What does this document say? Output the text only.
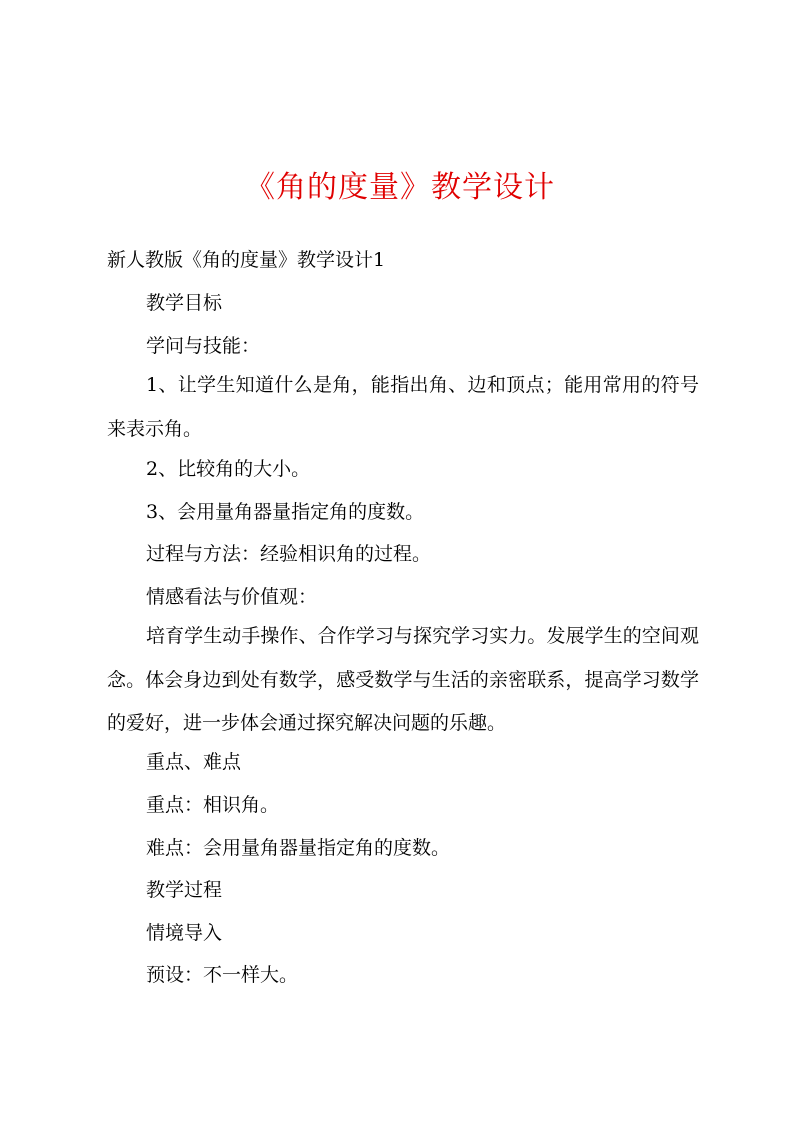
《角的度量》教学设计
新人教版《角的度量》教学设计1
教学目标
学问与技能：
1、让学生知道什么是角，能指出角、边和顶点；能用常用的符号来表示角。
2、比较角的大小。
3、会用量角器量指定角的度数。
过程与方法：经验相识角的过程。
情感看法与价值观：
培育学生动手操作、合作学习与探究学习实力。发展学生的空间观念。体会身边到处有数学，感受数学与生活的亲密联系，提高学习数学的爱好，进一步体会通过探究解决问题的乐趣。
重点、难点
重点：相识角。
难点：会用量角器量指定角的度数。
教学过程
情境导入
预设：不一样大。
